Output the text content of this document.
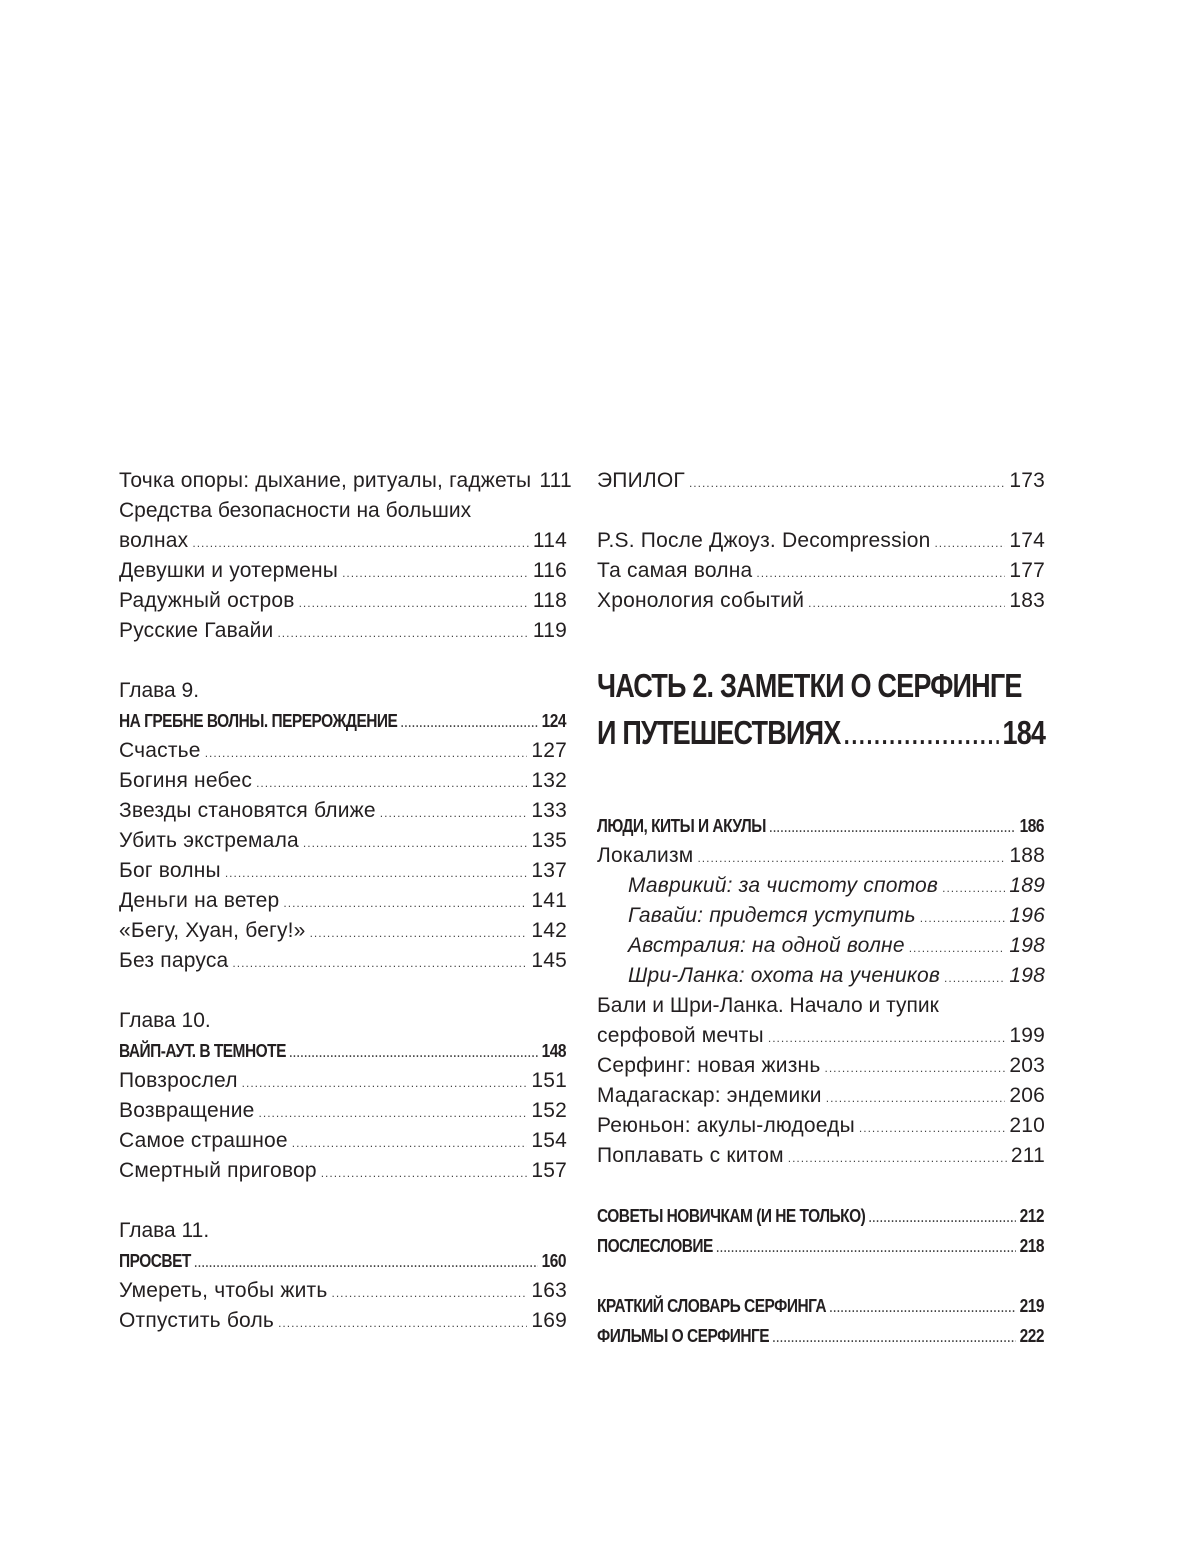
Точка опоры: дыхание, ритуалы, гаджеты 111
Средства безопасности на больших
волнах .....	114
Девушки и уотермены .....	116
Радужный остров .....	118
Русские Гавайи .....	119
Глава 9.
НА ГРЕБНЕ ВОЛНЫ. ПЕРЕРОЖДЕНИЕ .....	124
Счастье .....	127
Богиня небес .....	132
Звезды становятся ближе .....	133
Убить экстремала .....	135
Бог волны .....	137
Деньги на ветер .....	141
«Бегу, Хуан, бегу!» .....	142
Без паруса .....	145
Глава 10.
ВАЙП-АУТ. В ТЕМНОТЕ .....	148
Повзрослел .....	151
Возвращение .....	152
Самое страшное .....	154
Смертный приговор .....	157
Глава 11.
ПРОСВЕТ .....	160
Умереть, чтобы жить .....	163
Отпустить боль .....	169
ЭПИЛОГ .....	173
P.S. После Джоуз. Decompression .....	174
Та самая волна .....	177
Хронология событий .....	183
ЧАСТЬ 2. ЗАМЕТКИ О СЕРФИНГЕ
И ПУТЕШЕСТВИЯХ .....	184
ЛЮДИ, КИТЫ И АКУЛЫ .....	186
Локализм .....	188
Маврикий: за чистоту спотов .....	189
Гавайи: придется уступить .....	196
Австралия: на одной волне .....	198
Шри-Ланка: охота на учеников .....	198
Бали и Шри-Ланка. Начало и тупик
серфовой мечты .....	199
Серфинг: новая жизнь .....	203
Мадагаскар: эндемики .....	206
Реюньон: акулы-людоеды .....	210
Поплавать с китом .....	211
СОВЕТЫ НОВИЧКАМ (И НЕ ТОЛЬКО) .....	212
ПОСЛЕСЛОВИЕ .....	218
КРАТКИЙ СЛОВАРЬ СЕРФИНГА .....	219
ФИЛЬМЫ О СЕРФИНГЕ .....	222
